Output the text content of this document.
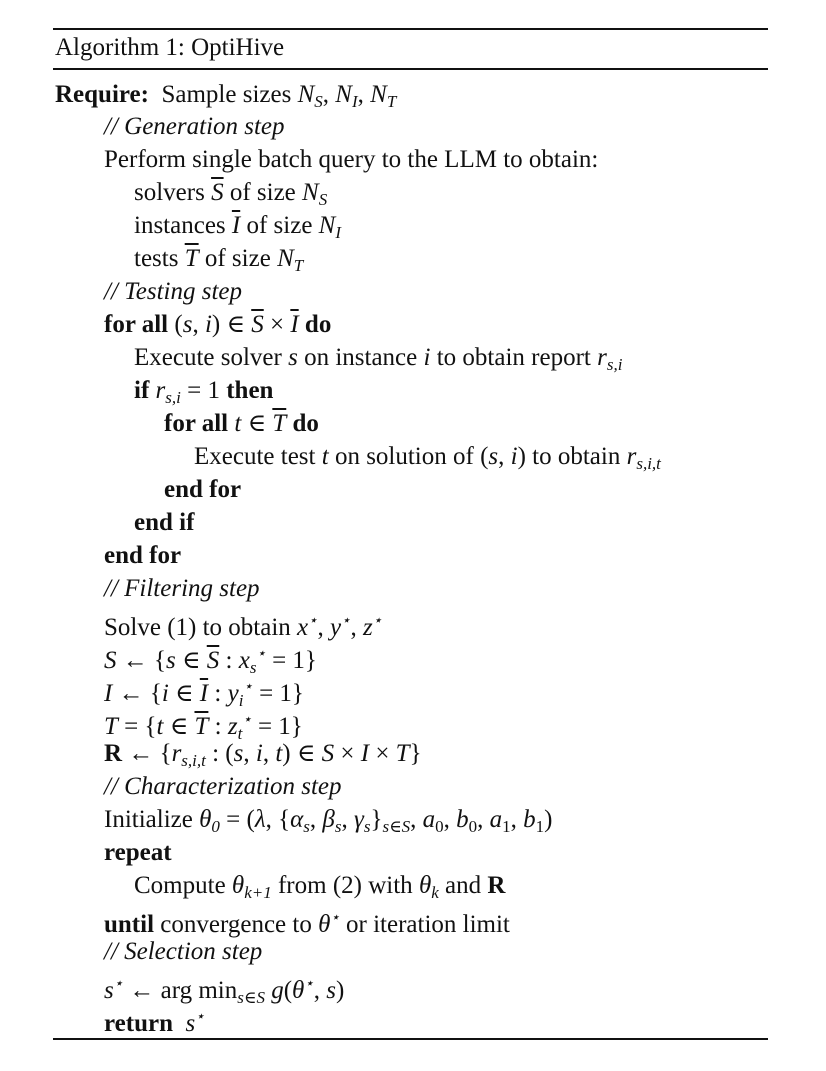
Algorithm 1: OptiHive
Require:  Sample sizes $N_S$, $N_I$, $N_T$
// Generation step
Perform single batch query to the LLM to obtain:
solvers $\overline{S}$ of size $N_S$
instances $\overline{I}$ of size $N_I$
tests $\overline{T}$ of size $N_T$
// Testing step
for all (s, i) ∈ $\overline{S} \times \overline{I}$ do
Execute solver s on instance i to obtain report $r_{s,i}$
if $r_{s,i} = 1$ then
for all t ∈ $\overline{T}$ do
Execute test t on solution of (s, i) to obtain $r_{s,i,t}$
end for
end if
end for
// Filtering step
Solve (1) to obtain x⋆, y⋆, z⋆
S ← {s ∈ $\overline{S}$ : $x_s^⋆ = 1$}
I ← {i ∈ $\overline{I}$ : $y_i^⋆ = 1$}
T = {t ∈ $\overline{T}$ : $z_t^⋆ = 1$}
R ← {$r_{s,i,t}$ : (s, i, t) ∈ S × I × T}
// Characterization step
Initialize $\theta_0 = (\lambda$, {$\alpha_s$, $\beta_s$, $\gamma_s\}_{s\in S}$, $a_0$, $b_0$, $a_1$, $b_1$)
repeat
Compute $\theta_{k+1}$ from (2) with $\theta_k$ and R
until convergence to θ⋆ or iteration limit
// Selection step
s⋆ ← arg $\min_{s\in S} g(\theta^⋆$, s)
return s⋆
